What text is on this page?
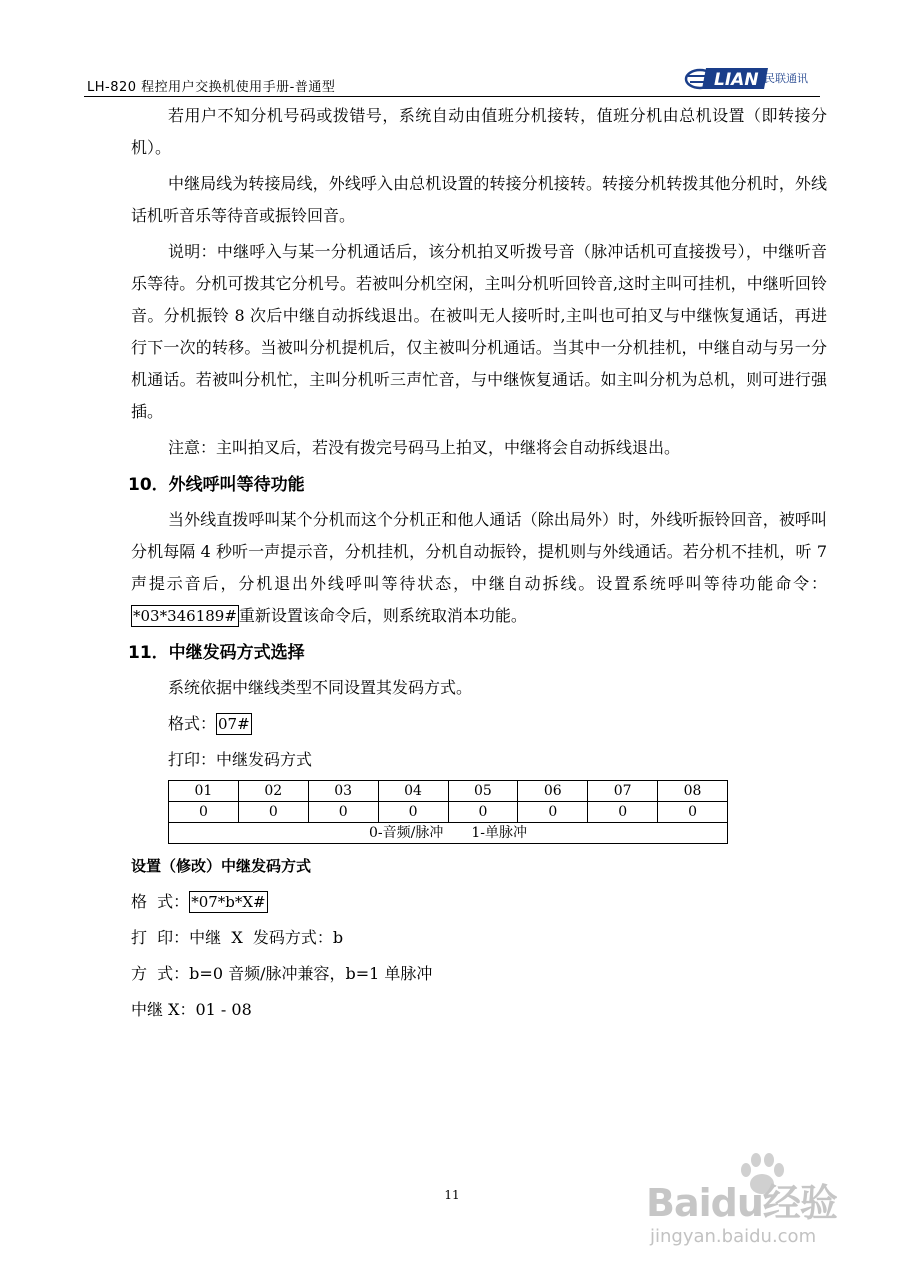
LH-820 程控用户交换机使用手册-普通型	LIAN 民联通讯

若用户不知分机号码或拨错号，系统自动由值班分机接转，值班分机由总机设置（即转接分机）。

中继局线为转接局线，外线呼入由总机设置的转接分机接转。转接分机转拨其他分机时，外线话机听音乐等待音或振铃回音。

说明：中继呼入与某一分机通话后，该分机拍叉听拨号音（脉冲话机可直接拨号），中继听音乐等待。分机可拨其它分机号。若被叫分机空闲，主叫分机听回铃音,这时主叫可挂机，中继听回铃音。分机振铃 8 次后中继自动拆线退出。在被叫无人接听时,主叫也可拍叉与中继恢复通话，再进行下一次的转移。当被叫分机提机后，仅主被叫分机通话。当其中一分机挂机，中继自动与另一分机通话。若被叫分机忙，主叫分机听三声忙音，与中继恢复通话。如主叫分机为总机，则可进行强插。

注意：主叫拍叉后，若没有拨完号码马上拍叉，中继将会自动拆线退出。

10．外线呼叫等待功能

当外线直拨呼叫某个分机而这个分机正和他人通话（除出局外）时，外线听振铃回音，被呼叫分机每隔 4 秒听一声提示音，分机挂机，分机自动振铃，提机则与外线通话。若分机不挂机，听 7 声提示音后，分机退出外线呼叫等待状态，中继自动拆线。设置系统呼叫等待功能命令：*03*346189# 重新设置该命令后，则系统取消本功能。

11．中继发码方式选择

系统依据中继线类型不同设置其发码方式。

格式： 07#
打印：中继发码方式
01	02	03	04	05	06	07	08
0	0	0	0	0	0	0	0
0-音频/脉冲　　1-单脉冲							
设置（修改）中继发码方式
格  式： *07*b*X#
打  印：中继  X  发码方式：b
方  式：b=0 音频/脉冲兼容，b=1 单脉冲
中继 X：01 - 08
11	Baidu经验
jingyan.baidu.com
